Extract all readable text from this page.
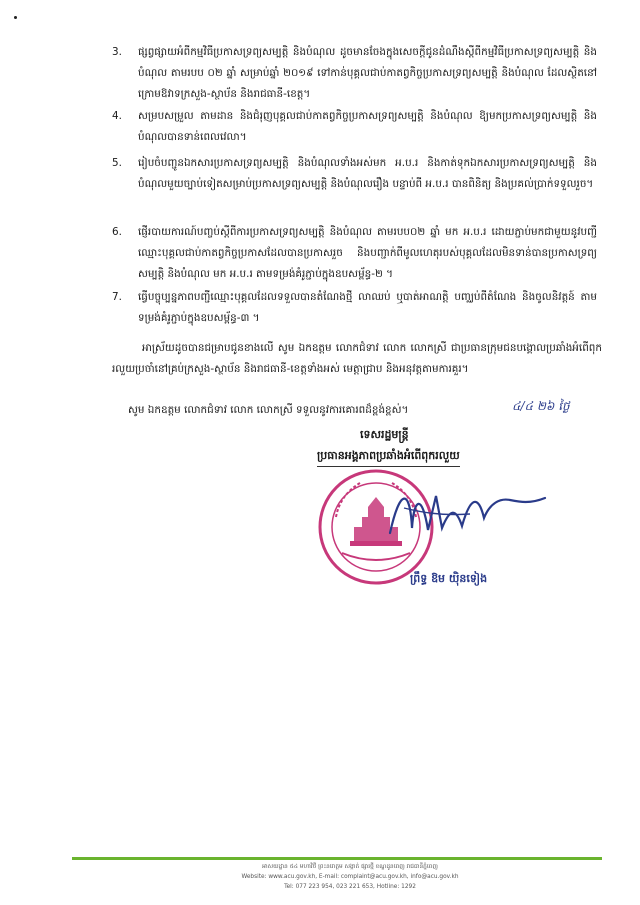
3.	ផ្សព្វផ្សាយអំពីកម្មវិធីប្រកាសទ្រព្យសម្បត្តិ និងបំណុល ដូចមានចែងក្នុងសេចក្ដីជូនដំណឹងស្ដីពីកម្មវិធីប្រកាសទ្រព្យសម្បត្តិ និងបំណុល តាមរបប ០២ ឆ្នាំ សម្រាប់ឆ្នាំ ២០១៩ ទៅកាន់បុគ្គលជាប់កាតព្វកិច្ចប្រកាសទ្រព្យសម្បត្តិ និងបំណុល ដែលស្ថិតនៅក្រោមឱវាទក្រសួង-ស្ថាប័ន និងរាជធានី-ខេត្ត។
4.	សម្របសម្រួល តាមដាន និងជំរុញបុគ្គលជាប់កាតព្វកិច្ចប្រកាសទ្រព្យសម្បត្តិ និងបំណុល ឱ្យមកប្រកាសទ្រព្យសម្បត្តិ និងបំណុលបានទាន់ពេលវេលា។
5.	រៀបចំបញ្ជូនឯកសារប្រកាសទ្រព្យសម្បត្តិ និងបំណុលទាំងអស់មក អ.ប.រ និងកាត់ទុកឯកសារប្រកាសទ្រព្យសម្បត្តិ និងបំណុលមួយច្បាប់ទៀតសម្រាប់ប្រកាសទ្រព្យសម្បត្តិ និងបំណុលរឿង បន្ទាប់ពី អ.ប.រ បានពិនិត្យ និងប្រគល់ប្រាក់ទទួលរួច។
6.	ផ្ញើរបាយការណ៍បញ្ចប់ស្តីពីការប្រកាសទ្រព្យសម្បត្តិ និងបំណុល តាមរបប០២ ឆ្នាំ មក អ.ប.រ ដោយភ្ជាប់មកជាមួយនូវបញ្ជីឈ្មោះបុគ្គលជាប់កាតព្វកិច្ចប្រកាសដែលបានប្រកាសរួច និងបញ្ជាក់ពីមូលហេតុរបស់បុគ្គលដែលមិនទាន់បានប្រកាសទ្រព្យសម្បត្តិ និងបំណុល មក អ.ប.រ តាមទម្រង់គំរូភ្ជាប់ក្នុងឧបសម្ព័ន្ធ-២ ។
7.	ធ្វើបច្ចុប្បន្នភាពបញ្ជីឈ្មោះបុគ្គលដែលទទួលបានតំណែងថ្មី លាឈប់ ឬបាត់អាណត្តិ បញ្ឈប់ពីតំណែង និងចូលនិវត្តន៍ តាមទម្រង់គំរូភ្ជាប់ក្នុងឧបសម្ព័ន្ធ-៣ ។
អាស្រ័យដូចបានជម្រាបជូនខាងលើ សូម ឯកឧត្តម លោកជំទាវ លោក លោកស្រី ជាប្រធានក្រុមជនបង្គោលប្រឆាំងអំពើពុករលួយប្រចាំនៅគ្រប់ក្រសួង-ស្ថាប័ន និងរាជធានី-ខេត្តទាំងអស់ មេត្តាជ្រាប និងអនុវត្តតាមការគួរ។
សូម ឯកឧត្តម លោកជំទាវ លោក លោកស្រី ទទួលនូវការគោរពដ៏ខ្ពង់ខ្ពស់។	៤/៤ ២៦ ថ្ងៃ
ទេសរដ្ឋមន្ត្រី
ប្រធានអង្គភាពប្រឆាំងអំពើពុករលួយ
ព្រឹទ្ធ ឱម យ៉ិនទៀង
អាសយដ្ឋាន ៥៤ មហាវិថី ព្រះនរោត្តម សង្កាត់ ផ្សារថ្មី ខណ្ឌដូនពេញ រាជធានីភ្នំពេញ
Website: www.acu.gov.kh, E-mail: complaint@acu.gov.kh, info@acu.gov.kh
Tel: 077 223 954, 023 221 653, Hotline: 1292
